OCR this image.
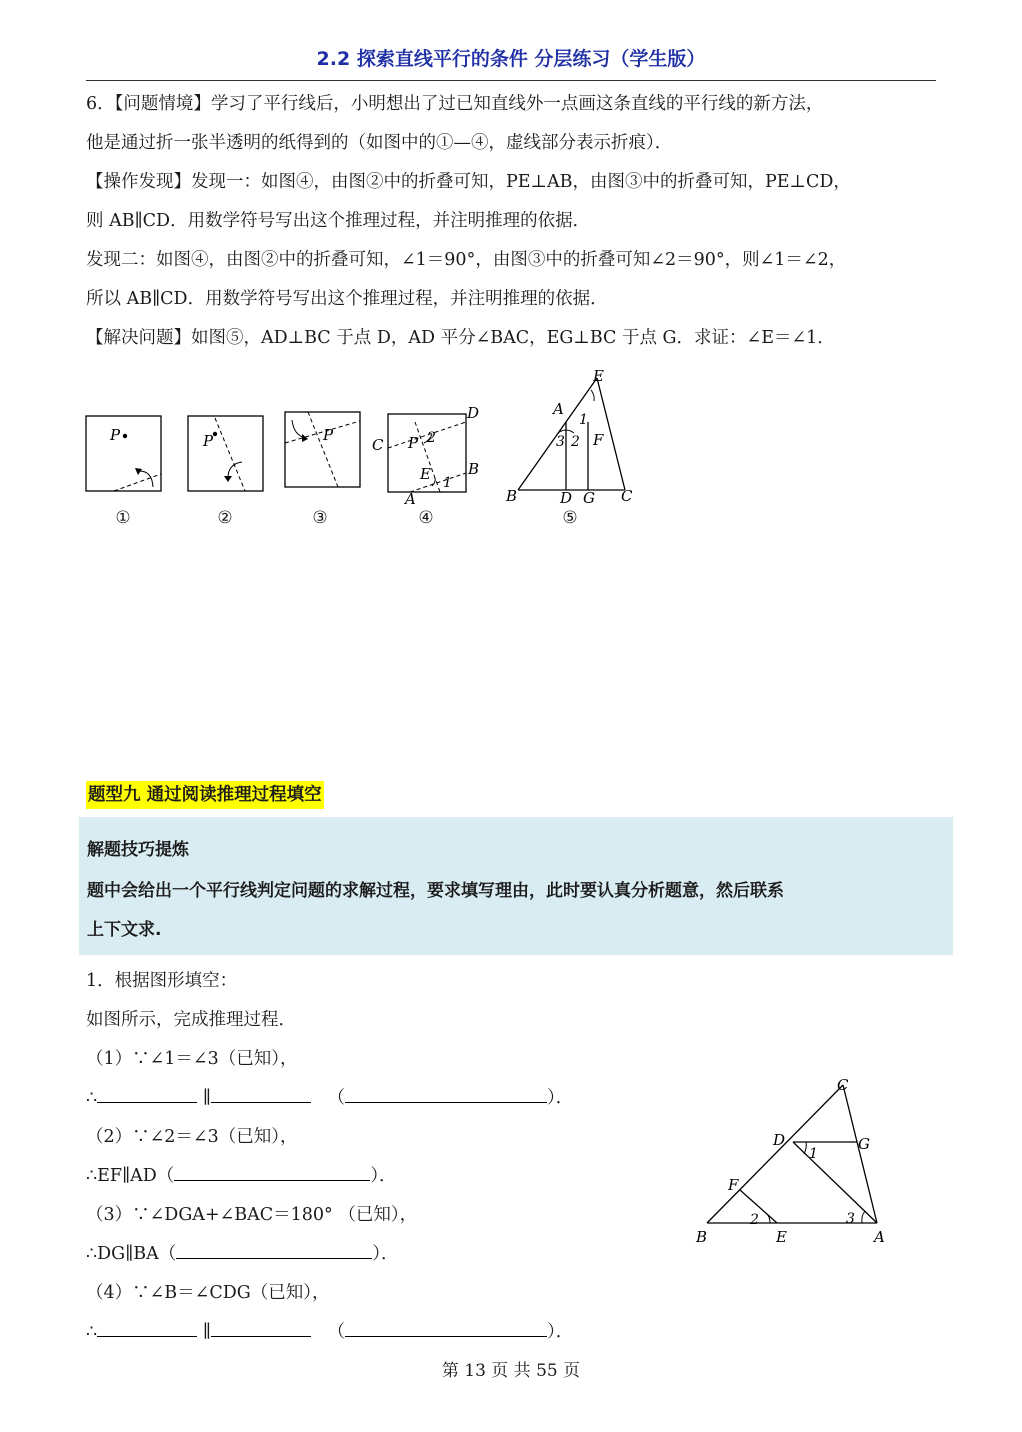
2.2 探索直线平行的条件 分层练习（学生版）
6．【问题情境】学习了平行线后，小明想出了过已知直线外一点画这条直线的平行线的新方法，
他是通过折一张半透明的纸得到的（如图中的①—④，虚线部分表示折痕）．
【操作发现】发现一：如图④，由图②中的折叠可知，PE⊥AB，由图③中的折叠可知，PE⊥CD，
则 AB∥CD．用数学符号写出这个推理过程，并注明推理的依据．
发现二：如图④，由图②中的折叠可知，∠1＝90°，由图③中的折叠可知∠2＝90°，则∠1＝∠2，
所以 AB∥CD．用数学符号写出这个推理过程，并注明推理的依据．
【解决问题】如图⑤，AD⊥BC 于点 D，AD 平分∠BAC，EG⊥BC 于点 G．求证：∠E＝∠1．
P	P	P
D
C P 2
E B
1
A
E
A
1
3 2 F
B	D G C
①	②	③	④	⑤
题型九 通过阅读推理过程填空
解题技巧提炼
题中会给出一个平行线判定问题的求解过程，要求填写理由，此时要认真分析题意，然后联系
上下文求.
1．根据图形填空：
如图所示，完成推理过程．
（1）∵∠1＝∠3（已知），
∴	∥	（	）．
（2）∵∠2＝∠3（已知），
∴EF∥AD（	）．
（3）∵∠DGA+∠BAC＝180° （已知），
∴DG∥BA（	）．
（4）∵∠B＝∠CDG（已知），
∴	∥	（	）．
C
D	G
1
F
2	3
B	E	A
第 13 页 共 55 页
